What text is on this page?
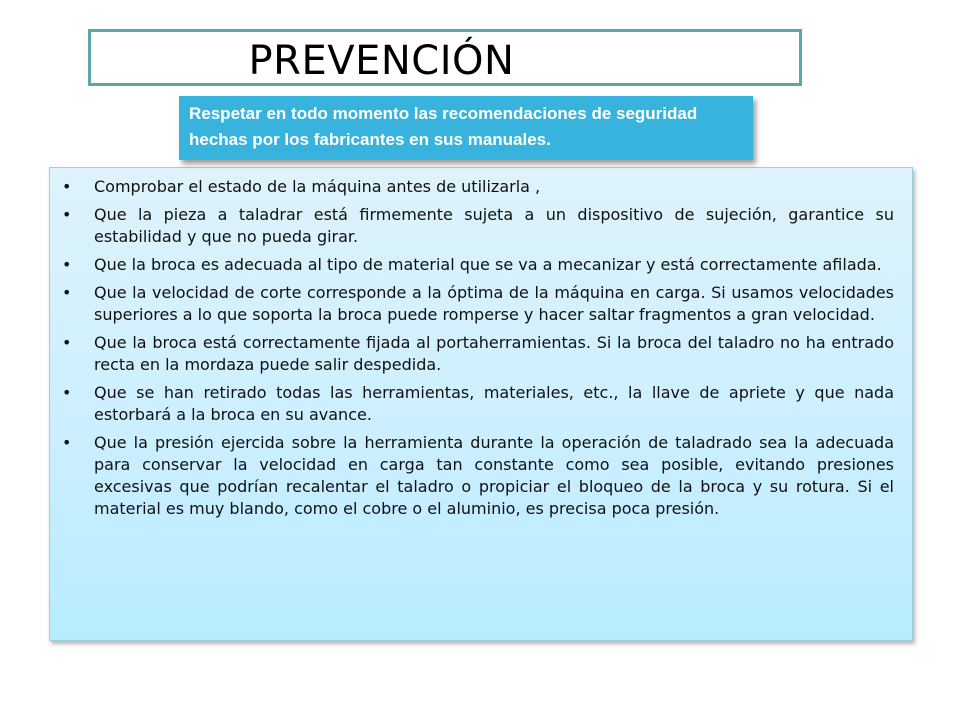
PREVENCIÓN
• Comprobar el estado de la máquina antes de utilizarla ,
• Que la pieza a taladrar está firmemente sujeta a un dispositivo de sujeción, garantice su estabilidad y que no pueda girar.
• Que la broca es adecuada al tipo de material que se va a mecanizar y está correctamente afilada.
• Que la velocidad de corte corresponde a la óptima de la máquina en carga. Si usamos velocidades superiores a lo que soporta la broca puede romperse y hacer saltar fragmentos a gran velocidad.
• Que la broca está correctamente fijada al portaherramientas. Si la broca del taladro no ha entrado recta en la mordaza puede salir despedida.
• Que se han retirado todas las herramientas, materiales, etc., la llave de apriete y que nada estorbará a la broca en su avance.
• Que la presión ejercida sobre la herramienta durante la operación de taladrado sea la adecuada para conservar la velocidad en carga tan constante como sea posible, evitando presiones excesivas que podrían recalentar el taladro o propiciar el bloqueo de la broca y su rotura. Si el material es muy blando, como el cobre o el aluminio, es precisa poca presión.
Respetar en todo momento las recomendaciones de seguridad hechas por los fabricantes en sus manuales.
